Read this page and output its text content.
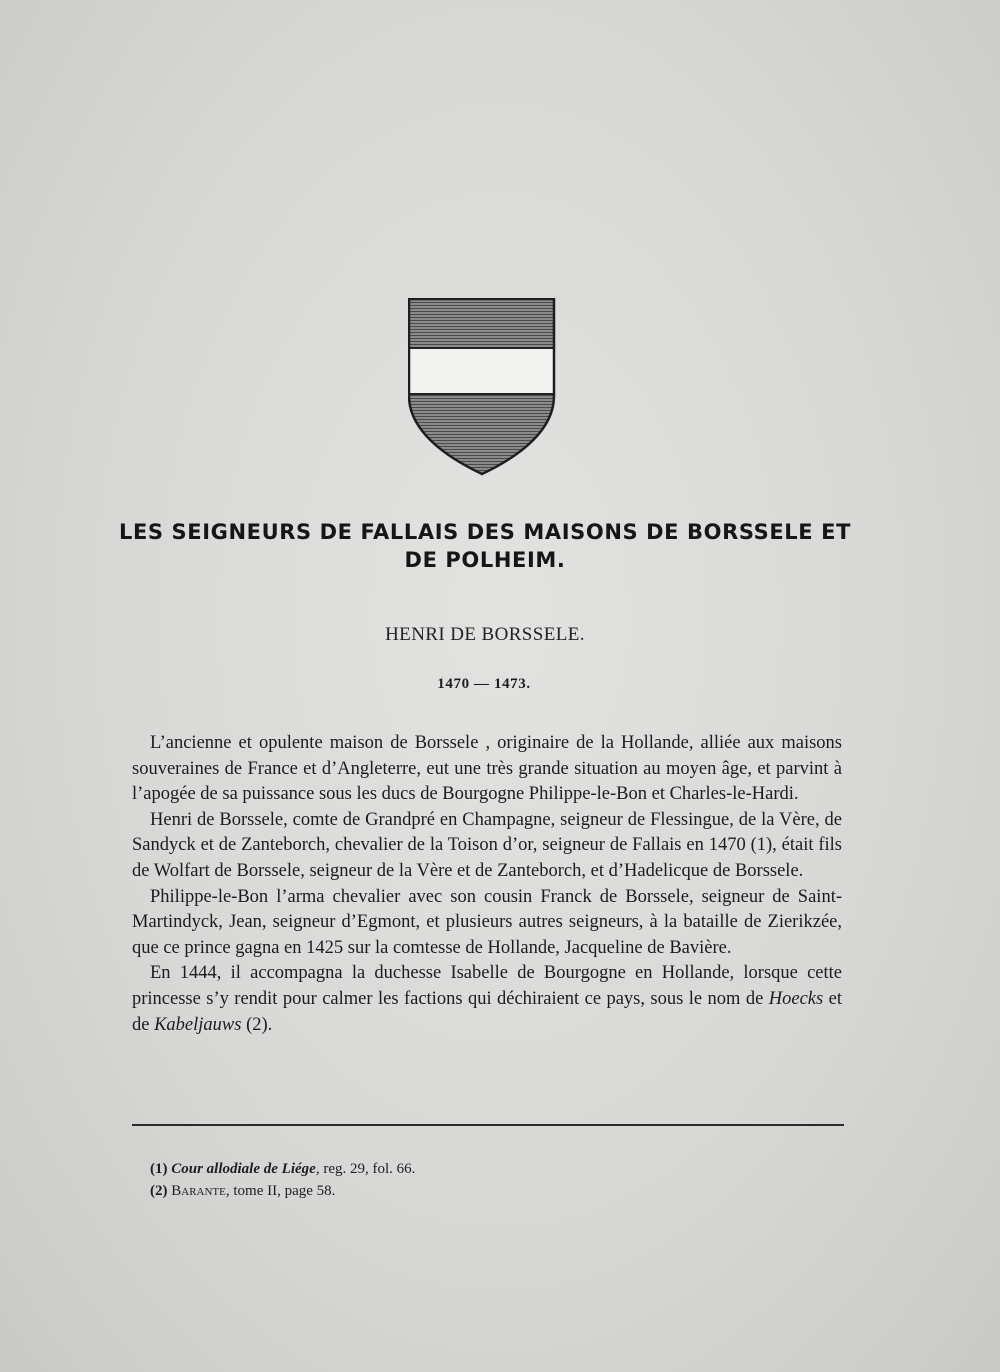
LES SEIGNEURS DE FALLAIS DES MAISONS DE BORSSELE ET DE POLHEIM.
HENRI DE BORSSELE.
1470 — 1473.

L’ancienne et opulente maison de Borssele , originaire de la Hollande, alliée aux maisons souveraines de France et d’Angleterre, eut une très grande situation au moyen âge, et parvint à l’apogée de sa puissance sous les ducs de Bourgogne Philippe-le-Bon et Charles-le-Hardi.

Henri de Borssele, comte de Grandpré en Champagne, seigneur de Flessingue, de la Vère, de Sandyck et de Zanteborch, chevalier de la Toison d’or, seigneur de Fallais en 1470 (1), était fils de Wolfart de Borssele, seigneur de la Vère et de Zanteborch, et d’Hadelicque de Borssele.

Philippe-le-Bon l’arma chevalier avec son cousin Franck de Borssele, seigneur de Saint-Martindyck, Jean, seigneur d’Egmont, et plusieurs autres seigneurs, à la bataille de Zierikzée, que ce prince gagna en 1425 sur la comtesse de Hollande, Jacqueline de Bavière.

En 1444, il accompagna la duchesse Isabelle de Bourgogne en Hollande, lorsque cette princesse s’y rendit pour calmer les factions qui déchiraient ce pays, sous le nom de Hoecks et de Kabeljauws (2).

(1) Cour allodiale de Liége, reg. 29, fol. 66.
(2) Barante, tome II, page 58.
